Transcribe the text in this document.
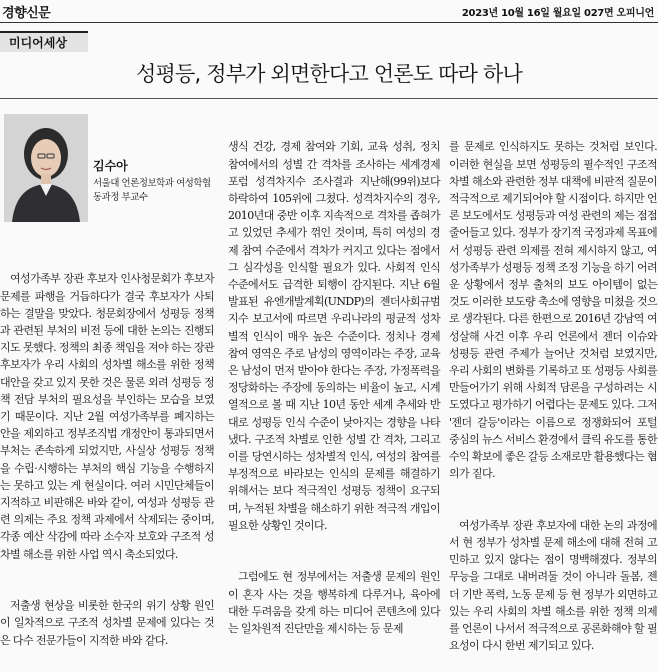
경향신문	2023년 10월 16일 월요일 027면 오피니언
미디어세상
성평등, 정부가 외면한다고 언론도 따라 하나
김수아
서울대 언론정보학과 여성학협동과정 부교수

여성가족부 장관 후보자 인사청문회가 후보자 문제를 파행을 거듭하다가 결국 후보자가 사퇴하는 결말을 맞았다. 청문회장에서 성평등 정책과 관련된 부처의 비전 등에 대한 논의는 진행되지도 못했다. 정책의 최종 책임을 져야 하는 장관 후보자가 우리 사회의 성차별 해소를 위한 정책 대안을 갖고 있지 못한 것은 물론 외려 성평등 정책 전담 부처의 필요성을 부인하는 모습을 보였기 때문이다. 지난 2월 여성가족부를 폐지하는 안을 제외하고 정부조직법 개정안이 통과되면서 부처는 존속하게 되었지만, 사실상 성평등 정책을 수립·시행하는 부처의 핵심 기능을 수행하지는 못하고 있는 게 현실이다. 여러 시민단체들이 지적하고 비판해온 바와 같이, 여성과 성평등 관련 의제는 주요 정책 과제에서 삭제되는 중이며, 각종 예산 삭감에 따라 소수자 보호와 구조적 성차별 해소를 위한 사업 역시 축소되었다.

저출생 현상을 비롯한 한국의 위기 상황 원인이 일차적으로 구조적 성차별 문제에 있다는 것은 다수 전문가들이 지적한 바와 같다.

생식 건강, 경제 참여와 기회, 교육 성취, 정치 참여에서의 성별 간 격차를 조사하는 세계경제포럼 성격차지수 조사결과 지난해(99위)보다 하락하여 105위에 그쳤다. 성격차지수의 경우, 2010년대 중반 이후 지속적으로 격차를 좁혀가고 있었던 추세가 꺾인 것이며, 특히 여성의 경제 참여 수준에서 격차가 커지고 있다는 점에서 그 심각성을 인식할 필요가 있다. 사회적 인식 수준에서도 급격한 퇴행이 감지된다. 지난 6월 발표된 유엔개발계획(UNDP)의 젠더사회규범지수 보고서에 따르면 우리나라의 평균적 성차별적 인식이 매우 높은 수준이다. 정치나 경제 참여 영역은 주로 남성의 영역이라는 주장, 교육은 남성이 먼저 받아야 한다는 주장, 가정폭력을 정당화하는 주장에 동의하는 비율이 높고, 시계열적으로 볼 때 지난 10년 동안 세계 추세와 반대로 성평등 인식 수준이 낮아지는 경향을 나타냈다. 구조적 차별로 인한 성별 간 격차, 그리고 이를 당연시하는 성차별적 인식, 여성의 참여를 부정적으로 바라보는 인식의 문제를 해결하기 위해서는 보다 적극적인 성평등 정책이 요구되며, 누적된 차별을 해소하기 위한 적극적 개입이 필요한 상황인 것이다.

그럼에도 현 정부에서는 저출생 문제의 원인이 혼자 사는 것을 행복하게 다루거나, 육아에 대한 두려움을 갖게 하는 미디어 콘텐츠에 있다는 일차원적 진단만을 제시하는 등 문제

를 문제로 인식하지도 못하는 것처럼 보인다. 이러한 현실을 보면 성평등의 필수적인 구조적 차별 해소와 관련한 정부 대책에 비판적 질문이 적극적으로 제기되어야 할 시점이다. 하지만 언론 보도에서도 성평등과 여성 관련의 제는 점점 줄어들고 있다. 정부가 장기적 국정과제 목표에서 성평등 관련 의제를 전혀 제시하지 않고, 여성가족부가 성평등 정책 조정 기능을 하기 어려운 상황에서 정부 출처의 보도 아이템이 없는 것도 이러한 보도량 축소에 영향을 미쳤을 것으로 생각된다. 다른 한편으로 2016년 강남역 여성살해 사건 이후 우리 언론에서 젠더 이슈와 성평등 관련 주제가 늘어난 것처럼 보였지만, 우리 사회의 변화를 기록하고 또 성평등 사회를 만들어가기 위해 사회적 담론을 구성하려는 시도였다고 평가하기 어렵다는 문제도 있다. 그저 '젠더 갈등'이라는 이름으로 정쟁화되어 포털 중심의 뉴스 서비스 환경에서 클릭 유도를 통한 수익 확보에 좋은 갈등 소재로만 활용했다는 혐의가 짙다.

여성가족부 장관 후보자에 대한 논의 과정에서 현 정부가 성차별 문제 해소에 대해 전혀 고민하고 있지 않다는 점이 명백해졌다. 정부의 무능을 그대로 내버려둘 것이 아니라 돌봄, 젠더 기반 폭력, 노동 문제 등 현 정부가 외면하고 있는 우리 사회의 차별 해소를 위한 정책 의제를 언론이 나서서 적극적으로 공론화해야 할 필요성이 다시 한번 제기되고 있다.
